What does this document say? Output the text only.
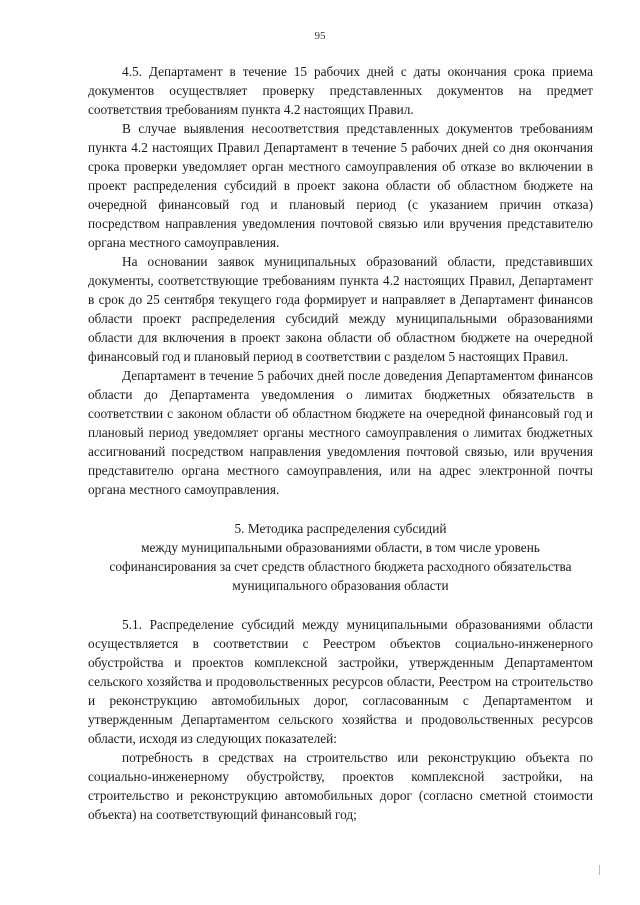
95

4.5. Департамент в течение 15 рабочих дней с даты окончания срока приема документов осуществляет проверку представленных документов на предмет соответствия требованиям пункта 4.2 настоящих Правил.

В случае выявления несоответствия представленных документов требованиям пункта 4.2 настоящих Правил Департамент в течение 5 рабочих дней со дня окончания срока проверки уведомляет орган местного самоуправления об отказе во включении в проект распределения субсидий в проект закона области об областном бюджете на очередной финансовый год и плановый период (с указанием причин отказа) посредством направления уведомления почтовой связью или вручения представителю органа местного самоуправления.

На основании заявок муниципальных образований области, представивших документы, соответствующие требованиям пункта 4.2 настоящих Правил, Департамент в срок до 25 сентября текущего года формирует и направляет в Департамент финансов области проект распределения субсидий между муниципальными образованиями области для включения в проект закона области об областном бюджете на очередной финансовый год и плановый период в соответствии с разделом 5 настоящих Правил.

Департамент в течение 5 рабочих дней после доведения Департаментом финансов области до Департамента уведомления о лимитах бюджетных обязательств в соответствии с законом области об областном бюджете на очередной финансовый год и плановый период уведомляет органы местного самоуправления о лимитах бюджетных ассигнований посредством направления уведомления почтовой связью, или вручения представителю органа местного самоуправления, или на адрес электронной почты органа местного самоуправления.

5. Методика распределения субсидий
между муниципальными образованиями области, в том числе уровень софинансирования за счет средств областного бюджета расходного обязательства муниципального образования области

5.1. Распределение субсидий между муниципальными образованиями области осуществляется в соответствии с Реестром объектов социально-инженерного обустройства и проектов комплексной застройки, утвержденным Департаментом сельского хозяйства и продовольственных ресурсов области, Реестром на строительство и реконструкцию автомобильных дорог, согласованным с Департаментом и утвержденным Департаментом сельского хозяйства и продовольственных ресурсов области, исходя из следующих показателей:

потребность в средствах на строительство или реконструкцию объекта по социально-инженерному обустройству, проектов комплексной застройки, на строительство и реконструкцию автомобильных дорог (согласно сметной стоимости объекта) на соответствующий финансовый год;
